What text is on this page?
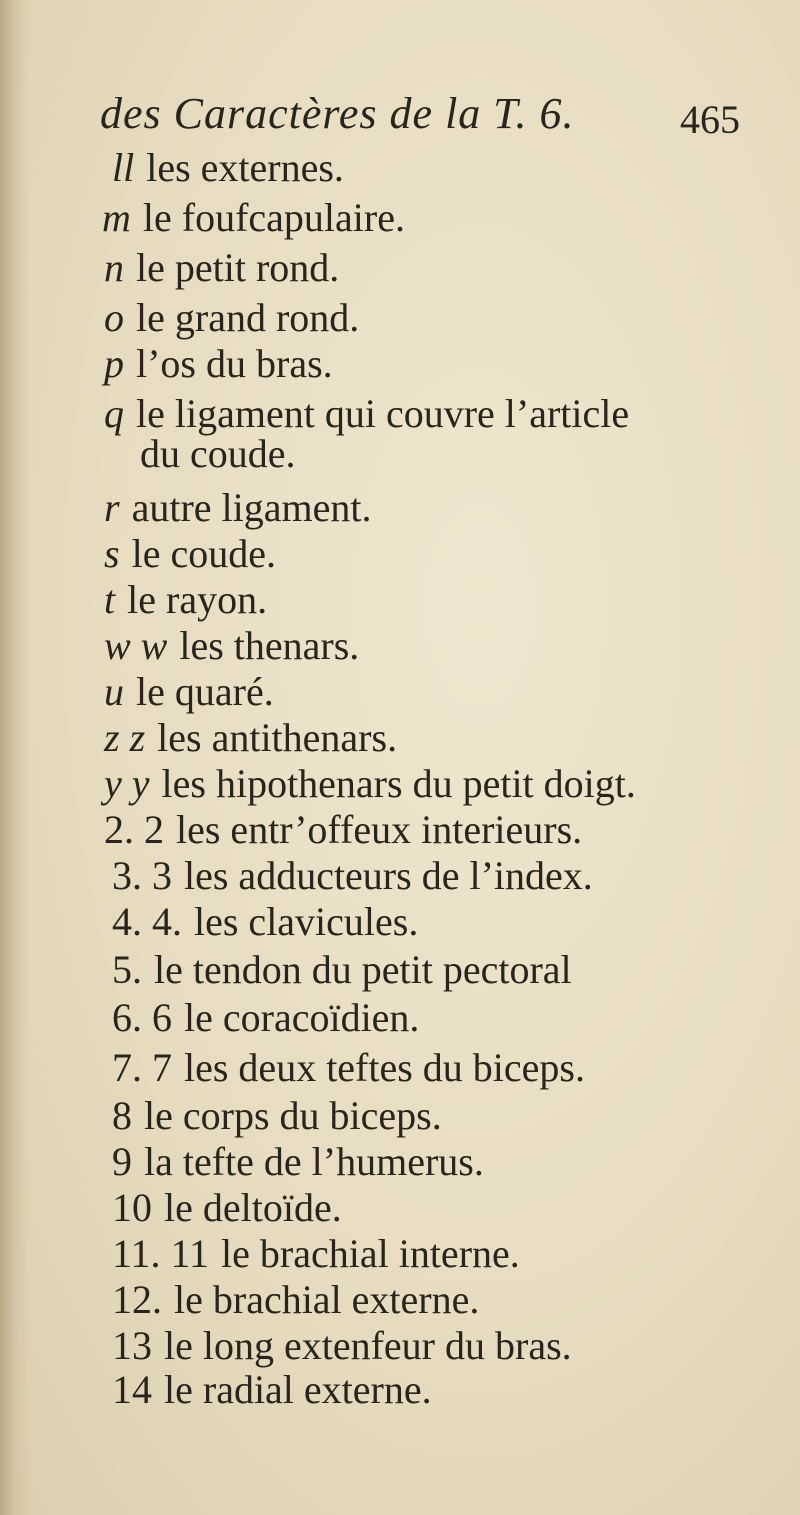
des Caractères de la T. 6.	465
ll les externes.
m le foufcapulaire.
n le petit rond.
o le grand rond.
p l’os du bras.
q le ligament qui couvre l’article
du coude.
r autre ligament.
s le coude.
t le rayon.
w w les thenars.
u le quaré.
z z les antithenars.
y y les hipothenars du petit doigt.
2. 2 les entr’offeux interieurs.
3. 3 les adducteurs de l’index.
4. 4. les clavicules.
5. le tendon du petit pectoral
6. 6 le coracoïdien.
7. 7 les deux teftes du biceps.
8 le corps du biceps.
9 la tefte de l’humerus.
10 le deltoïde.
11. 11 le brachial interne.
12. le brachial externe.
13 le long extenfeur du bras.
14 le radial externe.
